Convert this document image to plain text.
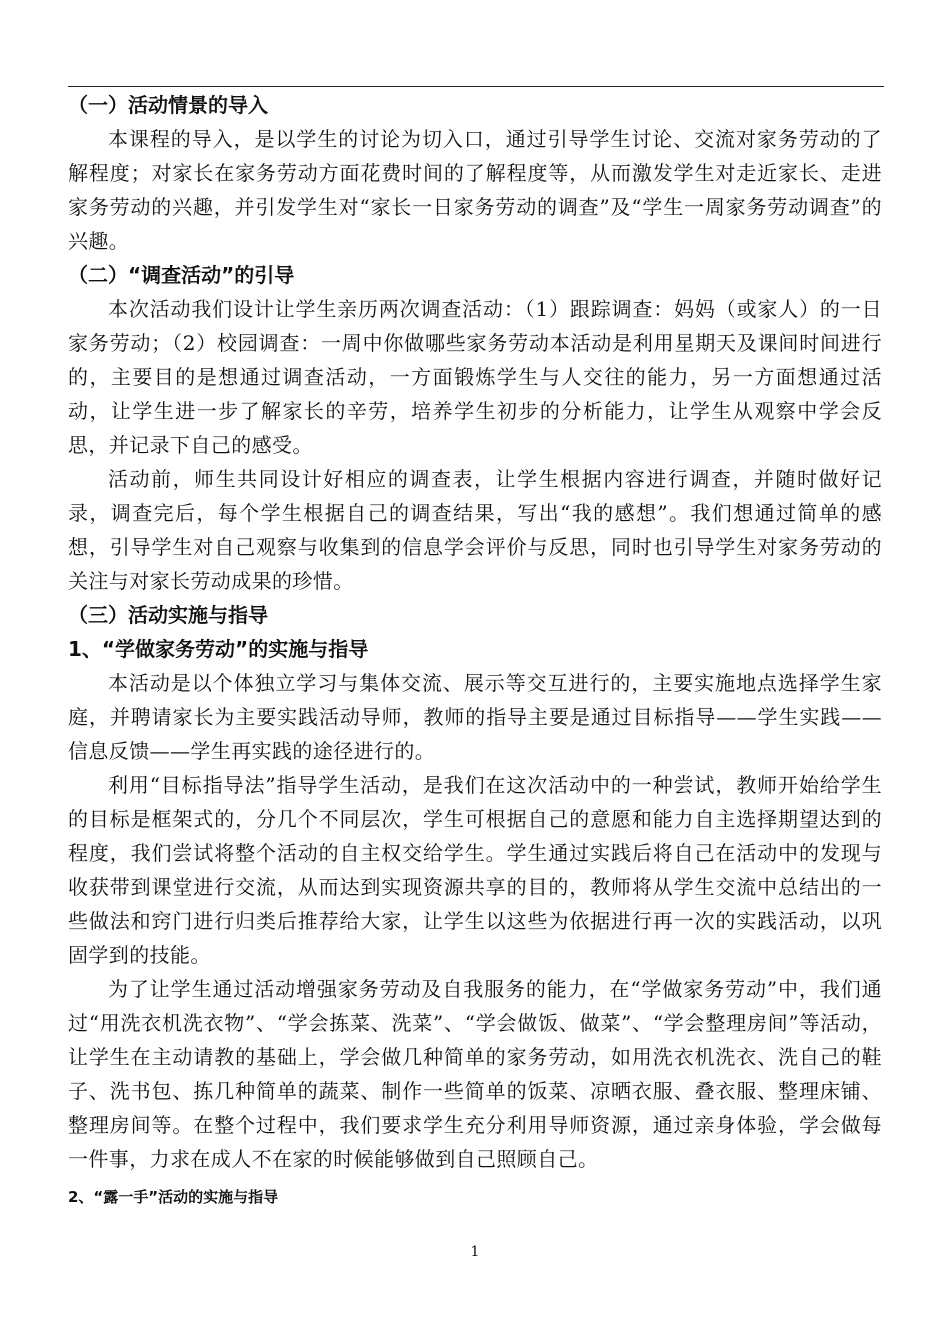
（一）活动情景的导入

本课程的导入，是以学生的讨论为切入口，通过引导学生讨论、交流对家务劳动的了解程度；对家长在家务劳动方面花费时间的了解程度等，从而激发学生对走近家长、走进家务劳动的兴趣，并引发学生对“家长一日家务劳动的调查”及“学生一周家务劳动调查”的兴趣。

（二）“调查活动”的引导

本次活动我们设计让学生亲历两次调查活动：（1）跟踪调查：妈妈（或家人）的一日家务劳动；（2）校园调查：一周中你做哪些家务劳动本活动是利用星期天及课间时间进行的，主要目的是想通过调查活动，一方面锻炼学生与人交往的能力，另一方面想通过活动，让学生进一步了解家长的辛劳，培养学生初步的分析能力，让学生从观察中学会反思，并记录下自己的感受。

活动前，师生共同设计好相应的调查表，让学生根据内容进行调查，并随时做好记录，调查完后，每个学生根据自己的调查结果，写出“我的感想”。我们想通过简单的感想，引导学生对自己观察与收集到的信息学会评价与反思，同时也引导学生对家务劳动的关注与对家长劳动成果的珍惜。

（三）活动实施与指导
1、“学做家务劳动”的实施与指导

本活动是以个体独立学习与集体交流、展示等交互进行的，主要实施地点选择学生家庭，并聘请家长为主要实践活动导师，教师的指导主要是通过目标指导——学生实践——信息反馈——学生再实践的途径进行的。

利用“目标指导法”指导学生活动，是我们在这次活动中的一种尝试，教师开始给学生的目标是框架式的，分几个不同层次，学生可根据自己的意愿和能力自主选择期望达到的程度，我们尝试将整个活动的自主权交给学生。学生通过实践后将自己在活动中的发现与收获带到课堂进行交流，从而达到实现资源共享的目的，教师将从学生交流中总结出的一些做法和窍门进行归类后推荐给大家，让学生以这些为依据进行再一次的实践活动，以巩固学到的技能。

为了让学生通过活动增强家务劳动及自我服务的能力，在“学做家务劳动”中，我们通过“用洗衣机洗衣物”、“学会拣菜、洗菜”、“学会做饭、做菜”、“学会整理房间”等活动，让学生在主动请教的基础上，学会做几种简单的家务劳动，如用洗衣机洗衣、洗自己的鞋子、洗书包、拣几种简单的蔬菜、制作一些简单的饭菜、凉晒衣服、叠衣服、整理床铺、整理房间等。在整个过程中，我们要求学生充分利用导师资源，通过亲身体验，学会做每一件事，力求在成人不在家的时候能够做到自己照顾自己。

2、“露一手”活动的实施与指导
1
